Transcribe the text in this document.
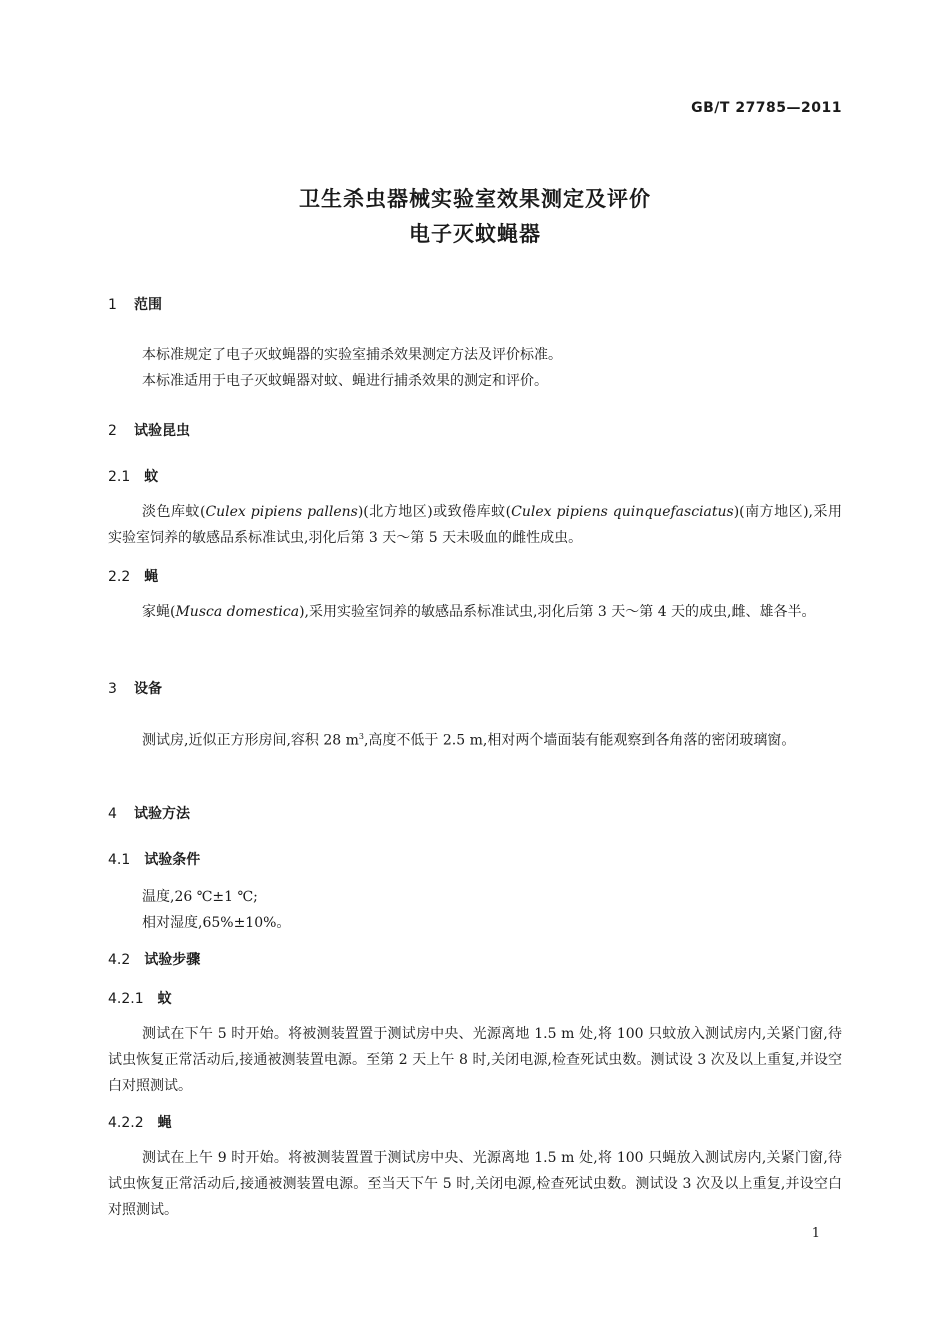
GB/T 27785—2011
卫生杀虫器械实验室效果测定及评价
电子灭蚊蝇器
1 范围
本标准规定了电子灭蚊蝇器的实验室捕杀效果测定方法及评价标准。
本标准适用于电子灭蚊蝇器对蚊、蝇进行捕杀效果的测定和评价。
2 试验昆虫
2.1 蚊
淡色库蚊(Culex pipiens pallens)(北方地区)或致倦库蚊(Culex pipiens quinquefasciatus)(南方地区),采用实验室饲养的敏感品系标准试虫,羽化后第 3 天～第 5 天未吸血的雌性成虫。
2.2 蝇
家蝇(Musca domestica),采用实验室饲养的敏感品系标准试虫,羽化后第 3 天～第 4 天的成虫,雌、雄各半。
3 设备
测试房,近似正方形房间,容积 28 $m^3$,高度不低于 2.5 m,相对两个墙面装有能观察到各角落的密闭玻璃窗。
4 试验方法
4.1 试验条件
温度,26 ℃±1 ℃;
相对湿度,65%±10%。
4.2 试验步骤
4.2.1 蚊
测试在下午 5 时开始。将被测装置置于测试房中央、光源离地 1.5 m 处,将 100 只蚊放入测试房内,关紧门窗,待试虫恢复正常活动后,接通被测装置电源。至第 2 天上午 8 时,关闭电源,检查死试虫数。测试设 3 次及以上重复,并设空白对照测试。
4.2.2 蝇
测试在上午 9 时开始。将被测装置置于测试房中央、光源离地 1.5 m 处,将 100 只蝇放入测试房内,关紧门窗,待试虫恢复正常活动后,接通被测装置电源。至当天下午 5 时,关闭电源,检查死试虫数。测试设 3 次及以上重复,并设空白对照测试。
1
